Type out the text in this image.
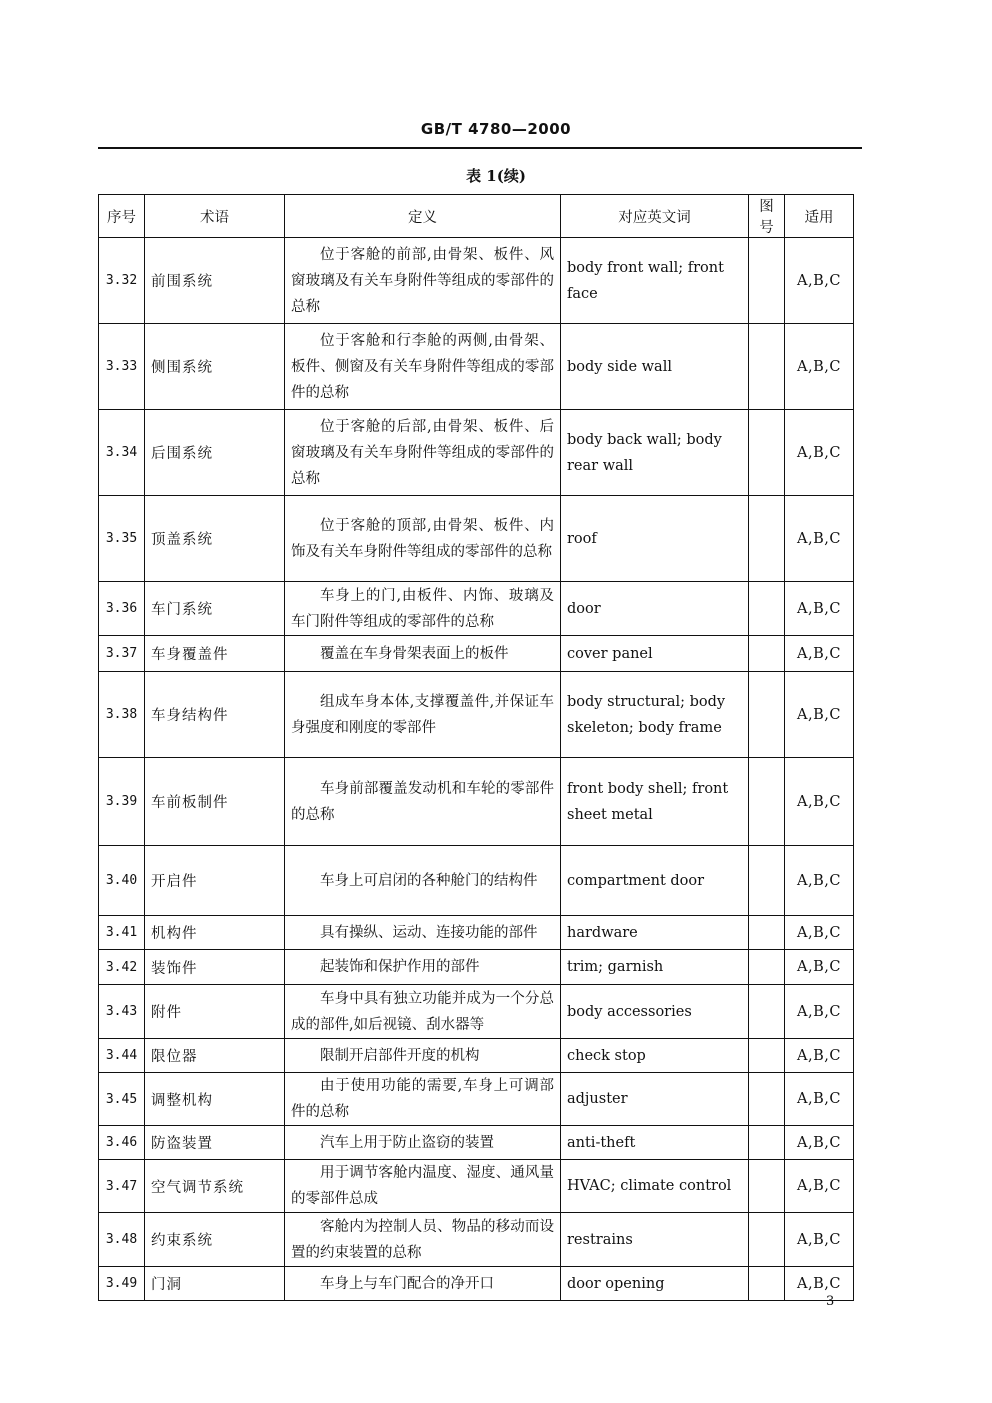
GB/T 4780—2000
表 1(续)
序号	术语	定义	对应英文词	图号	适用
3.32	前围系统	位于客舱的前部,由骨架、板件、风窗玻璃及有关车身附件等组成的零部件的总称	body front wall; front face		A,B,C
3.33	侧围系统	位于客舱和行李舱的两侧,由骨架、板件、侧窗及有关车身附件等组成的零部件的总称	body side wall		A,B,C
3.34	后围系统	位于客舱的后部,由骨架、板件、后窗玻璃及有关车身附件等组成的零部件的总称	body back wall; body rear wall		A,B,C
3.35	顶盖系统	位于客舱的顶部,由骨架、板件、内饰及有关车身附件等组成的零部件的总称	roof		A,B,C
3.36	车门系统	车身上的门,由板件、内饰、玻璃及车门附件等组成的零部件的总称	door		A,B,C
3.37	车身覆盖件	覆盖在车身骨架表面上的板件	cover panel		A,B,C
3.38	车身结构件	组成车身本体,支撑覆盖件,并保证车身强度和刚度的零部件	body structural; body skeleton; body frame		A,B,C
3.39	车前板制件	车身前部覆盖发动机和车轮的零部件的总称	front body shell; front sheet metal		A,B,C
3.40	开启件	车身上可启闭的各种舱门的结构件	compartment door		A,B,C
3.41	机构件	具有操纵、运动、连接功能的部件	hardware		A,B,C
3.42	装饰件	起装饰和保护作用的部件	trim; garnish		A,B,C
3.43	附件	车身中具有独立功能并成为一个分总成的部件,如后视镜、刮水器等	body accessories		A,B,C
3.44	限位器	限制开启部件开度的机构	check stop		A,B,C
3.45	调整机构	由于使用功能的需要,车身上可调部件的总称	adjuster		A,B,C
3.46	防盗装置	汽车上用于防止盗窃的装置	anti-theft		A,B,C
3.47	空气调节系统	用于调节客舱内温度、湿度、通风量的零部件总成	HVAC; climate control		A,B,C
3.48	约束系统	客舱内为控制人员、物品的移动而设置的约束装置的总称	restrains		A,B,C
3.49	门洞	车身上与车门配合的净开口	door opening		A,B,C
3
